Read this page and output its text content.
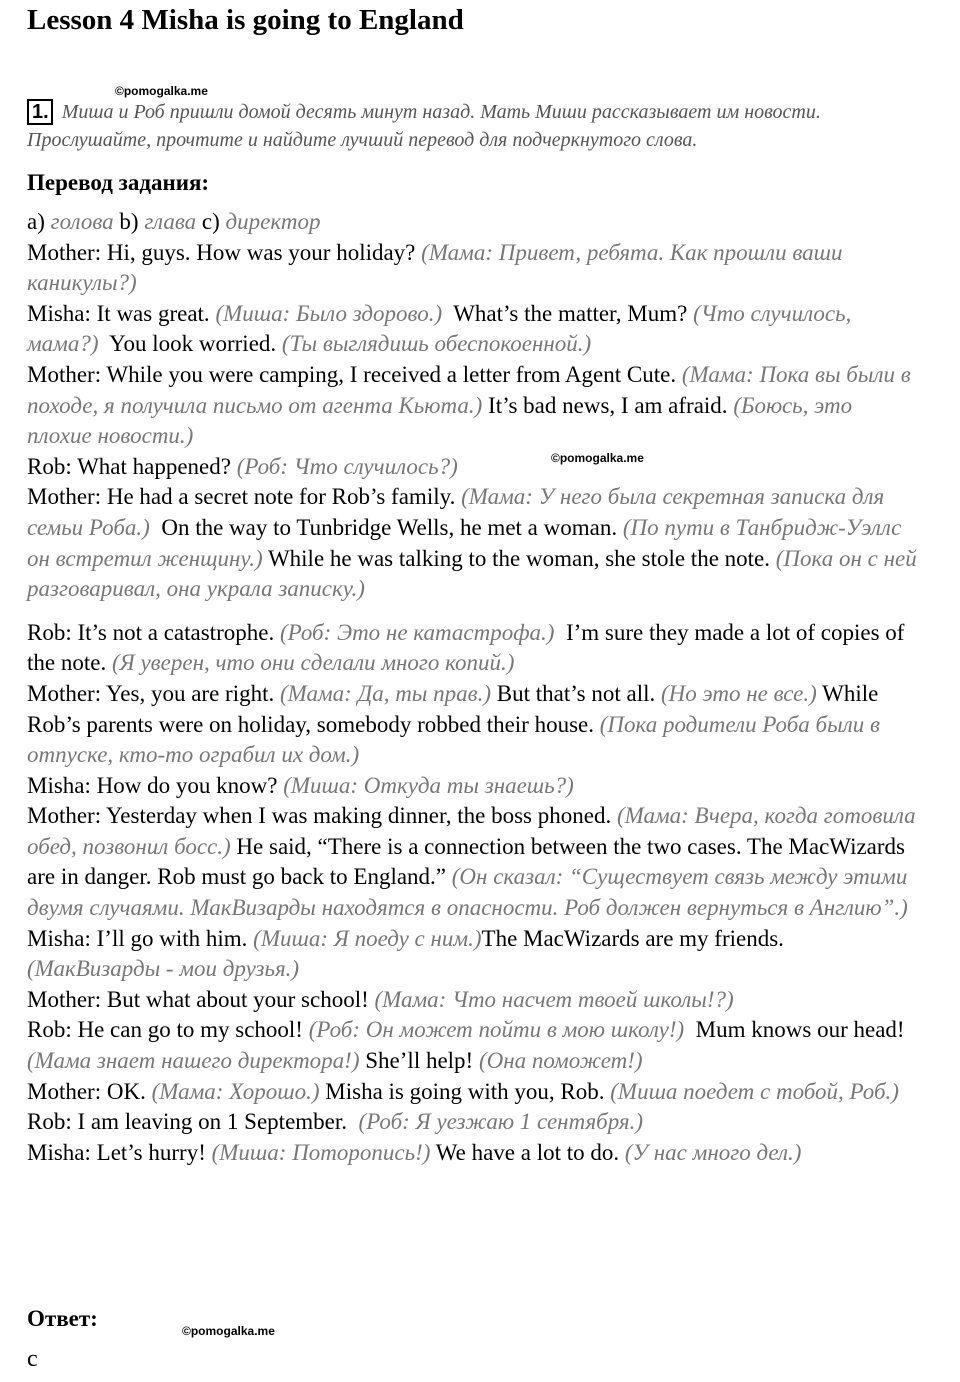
Lesson 4 Misha is going to England
©pomogalka.me
©pomogalka.me
©pomogalka.me
1. Миша и Роб пришли домой десять минут назад. Мать Миши рассказывает им новости. Прослушайте, прочтите и найдите лучший перевод для подчеркнутого слова.
Перевод задания:

a) голова b) глава c) директор

Mother: Hi, guys. How was your holiday? (Мама: Привет, ребята. Как прошли ваши каникулы?)

Misha: It was great. (Миша: Было здорово.) What’s the matter, Mum? (Что случилось, мама?) You look worried. (Ты выглядишь обеспокоенной.)

Mother: While you were camping, I received a letter from Agent Cute. (Мама: Пока вы были в походе, я получила письмо от агента Кьюта.) It’s bad news, I am afraid. (Боюсь, это плохие новости.)

Rob: What happened? (Роб: Что случилось?)

Mother: He had a secret note for Rob’s family. (Мама: У него была секретная записка для семьи Роба.) On the way to Tunbridge Wells, he met a woman. (По пути в Танбридж-Уэллс он встретил женщину.) While he was talking to the woman, she stole the note. (Пока он с ней разговаривал, она украла записку.)

Rob: It’s not a catastrophe. (Роб: Это не катастрофа.) I’m sure they made a lot of copies of the note. (Я уверен, что они сделали много копий.)

Mother: Yes, you are right. (Мама: Да, ты прав.) But that’s not all. (Но это не все.) While Rob’s parents were on holiday, somebody robbed their house. (Пока родители Роба были в отпуске, кто-то ограбил их дом.)

Misha: How do you know? (Миша: Откуда ты знаешь?)

Mother: Yesterday when I was making dinner, the boss phoned. (Мама: Вчера, когда готовила обед, позвонил босс.) He said, “There is a connection between the two cases. The MacWizards are in danger. Rob must go back to England.” (Он сказал: “Существует связь между этими двумя случаями. МакВизарды находятся в опасности. Роб должен вернуться в Англию”.)

Misha: I’ll go with him. (Миша: Я поеду с ним.)The MacWizards are my friends. (МакВизарды - мои друзья.)

Mother: But what about your school! (Мама: Что насчет твоей школы!?)

Rob: He can go to my school! (Роб: Он может пойти в мою школу!) Mum knows our head! (Мама знает нашего директора!) She’ll help! (Она поможет!)

Mother: OK. (Мама: Хорошо.) Misha is going with you, Rob. (Миша поедет с тобой, Роб.)

Rob: I am leaving on 1 September. (Роб: Я уезжаю 1 сентября.)

Misha: Let’s hurry! (Миша: Поторопись!) We have a lot to do. (У нас много дел.)

Ответ:
c
